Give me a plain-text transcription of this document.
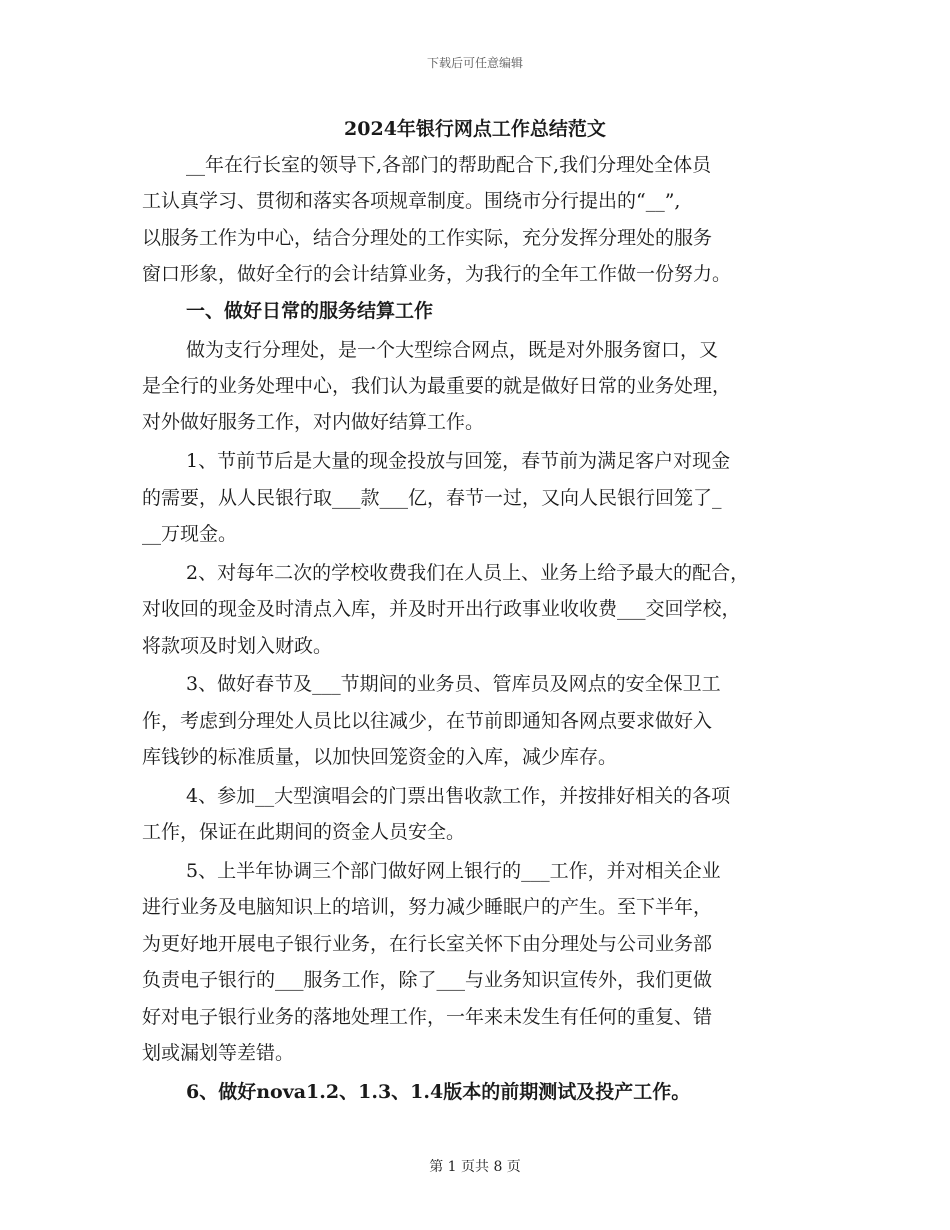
下载后可任意编辑
2024年银行网点工作总结范文
__年在行长室的领导下,各部门的帮助配合下,我们分理处全体员
工认真学习、贯彻和落实各项规章制度。围绕市分行提出的“__”,
以服务工作为中心，结合分理处的工作实际，充分发挥分理处的服务
窗口形象，做好全行的会计结算业务，为我行的全年工作做一份努力。
一、做好日常的服务结算工作
做为支行分理处，是一个大型综合网点，既是对外服务窗口，又
是全行的业务处理中心，我们认为最重要的就是做好日常的业务处理，
对外做好服务工作，对内做好结算工作。
1、节前节后是大量的现金投放与回笼，春节前为满足客户对现金
的需要，从人民银行取___款___亿，春节一过，又向人民银行回笼了_
__万现金。
2、对每年二次的学校收费我们在人员上、业务上给予最大的配合，
对收回的现金及时清点入库，并及时开出行政事业收收费___交回学校，
将款项及时划入财政。
3、做好春节及___节期间的业务员、管库员及网点的安全保卫工
作，考虑到分理处人员比以往减少，在节前即通知各网点要求做好入
库钱钞的标准质量，以加快回笼资金的入库，减少库存。
4、参加__大型演唱会的门票出售收款工作，并按排好相关的各项
工作，保证在此期间的资金人员安全。
5、上半年协调三个部门做好网上银行的___工作，并对相关企业
进行业务及电脑知识上的培训，努力减少睡眠户的产生。至下半年，
为更好地开展电子银行业务，在行长室关怀下由分理处与公司业务部
负责电子银行的___服务工作，除了___与业务知识宣传外，我们更做
好对电子银行业务的落地处理工作，一年来未发生有任何的重复、错
划或漏划等差错。
6、做好nova1.2、1.3、1.4版本的前期测试及投产工作。
第 1 页共 8 页
